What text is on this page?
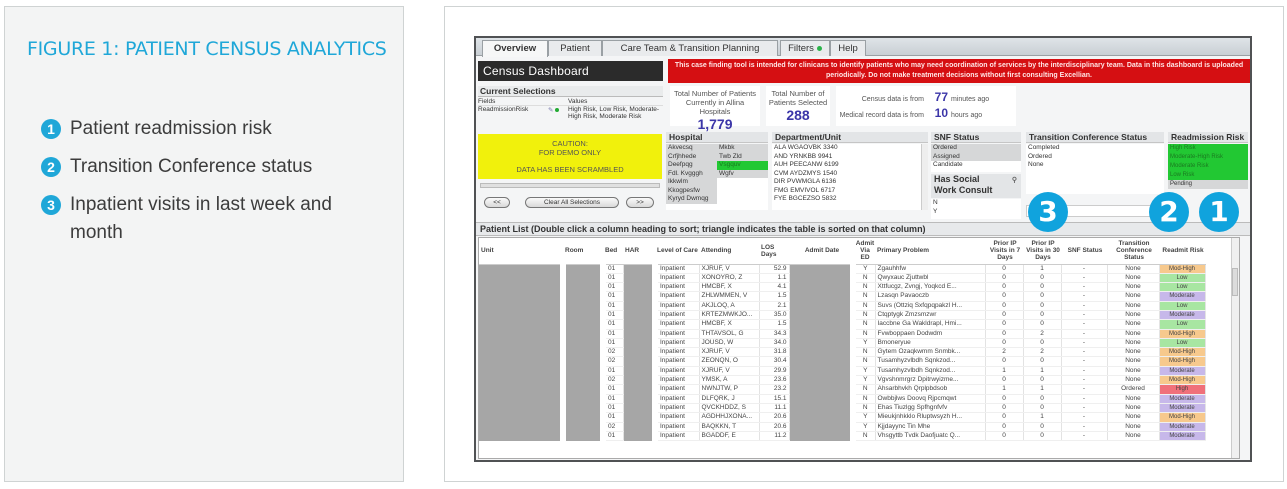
FIGURE 1: PATIENT CENSUS ANALYTICS
1 Patient readmission risk
2 Transition Conference status
3 Inpatient visits in last week and month
Overview	Patient	Care Team & Transition Planning	Filters	Help
Census Dashboard	This case finding tool is intended for clinicans to identify patients who may need coordination of services by the interdisciplinary team. Data in this dashboard is uploaded periodically. Do not make treatment decisions without first consulting Excellian.
Current Selections
Fields	Values
ReadmissionRisk	✎	High Risk, Low Risk, Moderate-High Risk, Moderate Risk
CAUTION:
FOR DEMO ONLY
DATA HAS BEEN SCRAMBLED
<<	Clear All Selections	>>
Total Number of Patients Currently in Allina Hospitals
1,779
Total Number of Patients Selected
288
Census data is from 77 minutes ago
Medical record data is from 10 hours ago
Hospital
Akvecsq
Crfjhhede
Deefpqg
Fdl. Kvgggh
Ikkwlm
Kkogpesfw
Kyryd Dwmqg
Mkbk
Twb Zld
Vsgquv
Wgfv
Department/Unit
ALA WGAOVBK 3340
AND YRNKBB 9941
AUH PEECANW 6199
CVM AYDZMYS 1540
DIR PVWMGLA 6136
FMG EMVIVOL 6717
FYE BGCEZSO 5832
SNF Status
Ordered
Assigned
Candidate
Has Social
Work Consult
⚲
N
Y
Transition Conference Status
Completed
Ordered
None
Readmission Risk
High Risk
Moderate-High Risk
Moderate Risk
Low Risk
Pending
3	2	1
Patient List (Double click a column heading to sort; triangle indicates the table is sorted on that column)
Unit	Room	Bed	HAR	Level of Care	Attending	LOS Days	Admit Date	Admit Via ED	Primary Problem	Prior IP Visits in 7 Days	Prior IP Visits in 30 Days	SNF Status	Transition Conference Status	Readmit Risk
		01		Inpatient	XJRUF, V	52.9		Y	Zgauhhfw	0	1	-	None	Mod-High

		01		Inpatient	XONOYRO, Z	1.1		N	Qwyxauc Zjuttwbl	0	0	-	None	Low

		01		Inpatient	HMCBF, X	4.1		N	Xttfucgz, Zvngj, Yoqkcd E...	0	0	-	None	Low

		01		Inpatient	ZHLWMMEN, V	1.5		N	Lzasqn Pavaoczb	0	0	-	None	Moderate

		01		Inpatient	AKJLOQ, A	2.1		N	Suvs (Ottziq Sxfqpqpakzl H...	0	0	-	None	Low

		01		Inpatient	KRTEZMWKJO...	35.0		N	Ctqptygk Zmzsmzwr	0	0	-	None	Moderate

		01		Inpatient	HMCBF, X	1.5		N	Iaccbne Ga Wakldrapl, Hmi...	0	0	-	None	Low

		01		Inpatient	THTAVSOL, G	34.3		N	Fvwboppaen Dodwdm	0	2	-	None	Mod-High

		01		Inpatient	JOUSD, W	34.0		Y	Bmoneryue	0	0	-	None	Low

		02		Inpatient	XJRUF, V	31.8		N	Gytem Ozaqkwmm Snmbk...	2	2	-	None	Mod-High

		02		Inpatient	ZEONQN, O	30.4		N	Tusamhyzvlbdh Sqnkzod...	0	0	-	None	Mod-High

		01		Inpatient	XJRUF, V	29.9		Y	Tusamhyzvlbdh Sqnkzod...	1	1	-	None	Moderate

		02		Inpatient	YMSK, A	23.6		Y	Vgvshnmrgrz Dpitrwyizme...	0	0	-	None	Mod-High

		01		Inpatient	NWNJTW, P	23.2		N	Ahsarbhvkh Qrplpbdsob	1	1	-	Ordered	High

		01		Inpatient	DLFQRK, J	15.1		N	Owbbjlws Doovq Rjpcmqwt	0	0	-	None	Moderate

		01		Inpatient	QVCKHDDZ, S	11.1		N	Ehas Tiuzlgg Spfhgnfvfv	0	0	-	None	Moderate

		01		Inpatient	AGDHHJXONA...	20.6		Y	Mieukjnhkklo Rluptwsyzh H...	0	1	-	None	Mod-High

		02		Inpatient	BAQKKN, T	20.6		Y	Kjjdayync Tin Mhe	0	0	-	None	Moderate

		01		Inpatient	BGADDF, E	11.2		N	Vhsgyttb Tvdk Daofjuatc Q...	0	0	-	None	Moderate
